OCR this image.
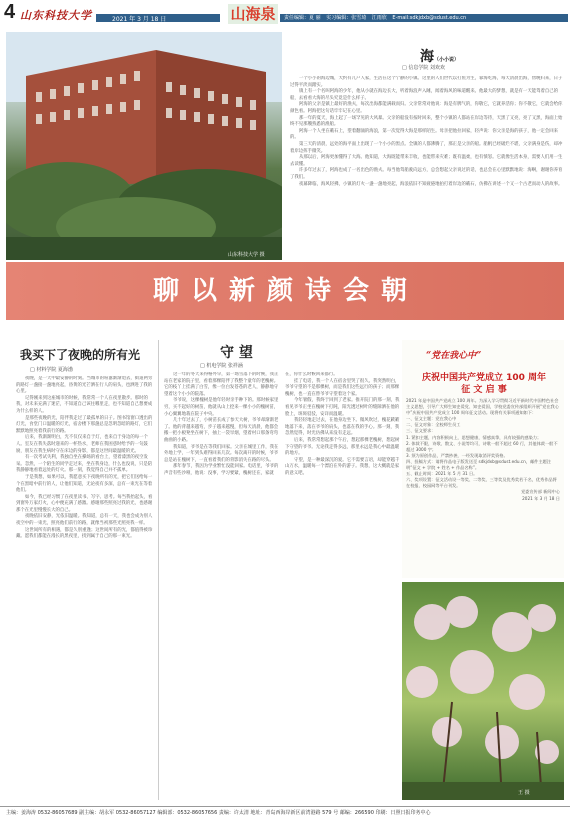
4 山东科技大学	2021 年 3 月 18 日	山海泉	责任编辑：夏 丽 实习编辑：张雪琦 江雨欣 E-mail:sdkjdxb@sdust.edu.cn
山东科技大学 摄
海（小小说）
□ 信息学院 刘欢欢

一个小小的海边城，大约有几户人家，生活在这个宁静的小镇。这里的人们世代以打鱼为生，靠海吃海，每天清晨出海，傍晚归来，日子过得平淡而踏实。

镇上有一个名叫阿海的少年，他从小就在海边长大，听着海浪声入睡，闻着海风的味道醒来。他最大的梦想，就是有一天能驾着自己的船，去看看大海的尽头究竟是什么样子。

阿海的父亲是镇上最好的渔夫，每次出海都能满载而归。父亲常常对他说：海是有脾气的，你敬它，它就养活你；你不敬它，它就会给你颜色看。阿海把这句话牢牢记在心里。

那一年的夏天，海上起了一场罕见的大风暴。父亲的船没有按时回来，整个小镇的人都站在岸边等待，天黑了又亮，亮了又黑，海面上始终不见那艘熟悉的渔船。

阿海一个人坐在礁石上，望着翻涌的海浪，第一次觉得大海是那样陌生。母亲把他拉回家，轻声说：你父亲是海的孩子，他一定会回来的。

第三天的清晨，远处的海平面上出现了一个小小的黑点。全镇的人都沸腾了，那正是父亲的船。船帆已经破烂不堪，父亲满身是伤，却冲着岸边挥手微笑。

从那以后，阿海更加懂得了大海。他知道，大海既能带来丰收，也能带来灾难；既有温柔，也有愤怒。它就像生活本身，需要人们用一生去读懂。

许多年过去了，阿海也成了一名出色的渔夫。每当他驾船驶向远方，总会想起父亲说过的话，也总会在心里默默地说：海啊，谢谢你养育了我们。

夜幕降临，海风轻拂，小镇的灯火一盏一盏地亮起，海浪依旧不知疲倦地拍打着岸边的礁石，仿佛在讲述一个又一个古老而动人的故事。

聊以新颜诗会朝
我买下了夜晚的所有光
□ 材料学院 夏海渤

夜晚，是一天中最安静的时刻。当城市的喧嚣渐渐退去，街道两旁的路灯一盏接一盏地亮起，昏黄的光芒洒在行人的肩头，也洒进了我的心里。

记得刚来到这座城市的时候，我常常一个人在夜里散步。那时的我，对未来充满了迷茫，不知道自己该往哪里走，也不知道自己想要成为什么样的人。

是那些夜晚的光，陪伴我走过了最孤单的日子。图书馆窗口透出的灯光，食堂门口温暖的灯光，宿舍楼下那盏总是忽明忽暗的路灯，它们默默地照亮着我前行的路。

后来，我渐渐明白，光不仅仅来自于灯，也来自于身边的每一个人。室友在我失落时递来的一杯热水，老师在我困惑时给予的一句鼓励，朋友在我生病时守在床边的身影，都是这世间最温暖的光。

有一次考试失利，我独自坐在操场的看台上，望着漆黑的夜空发呆。忽然，一个陌生的同学走过来，坐在我身边，什么也没说，只是陪我静静地看着远处的灯火。那一刻，我觉得自己并不孤单。

于是我想，如果可以，我愿意买下夜晚所有的光，把它们送给每一个在黑暗中前行的人，让他们知道，无论夜有多深，总有一束光在等着他们。

如今，我已经习惯了在夜里读书、写字、思考。每当我抬起头，看到窗外万家灯火，心中便充满了感激。感谢那些照亮过我的光，也感谢那个在光里慢慢长大的自己。

夜晚依旧安静，光依旧温暖。我知道，总有一天，我也会成为别人夜空中的一束光，照亮他们前行的路，就像当初那些光照亮我一样。

这世间所有的相遇，都是久别重逢；这世间所有的光，都值得被珍藏。愿我们都能在漫长的黑夜里，找到属于自己的那一束光。

守 望
□ 机电学院 张祥涵

这一年的冬天来得格外早，第一场雪落下的时候，我正站在老家的院子里，看着那棵陪伴了我整个童年的老槐树。它的枝丫上挂满了白雪，像一位白发苍苍的老人，静静地守望着这个小小的院落。

爷爷说，这棵槐树是他年轻时亲手种下的。那时候家里穷，买不起好的树苗，他就从山上挖来一棵小小的槐树苗，小心翼翼地栽在院子中央。

几十年过去了，小树苗长成了参天大树，爷爷却渐渐老了。他的背越来越弯，步子越来越慢，但每天清晨，他都会搬一把小板凳坐在树下，抽上一袋旱烟，望着村口那条弯弯曲曲的小路。

我知道，爷爷是在等我们回家。父亲在城里工作，我在外地上学，一年到头难得回来几次。每次离开的时候，爷爷总是站在槐树下，一直看着我们的背影消失在路的尽头。

那年春节，我因为学业繁忙没能回家。电话里，爷爷的声音有些沙哑，他说：没事，学习要紧，槐树还在，家就在，你什么时候回来都行。

挂了电话，我一个人在宿舍里哭了很久。我突然明白，爷爷守望的不是那棵树，而是我们这些远行的孩子；而那棵槐树，也一直在替爷爷守望着这个家。

今年暑假，我终于回到了老家。推开院门的那一刻，我看见爷爷正坐在槐树下打盹，阳光透过树叶的缝隙洒在他的脸上，斑斑驳驳，安详而温暖。

我轻轻地走过去，在他身边坐下。微风吹过，槐花簌簌地落下来，落在爷爷的肩头，也落在我的手心。那一刻，我忽然觉得，时光仿佛从来没有走远。

后来，我常常想起那个午后，想起那棵老槐树，想起树下守望的爷爷。无论我走得多远，那里永远是我心中最温暖的地方。

守望，是一种最深沉的爱。它不需要言语，却能穿越千山万水，温暖每一个漂泊在外的游子。我想，这大概就是家的意义吧。

“党在我心中”
庆祝中国共产党成立 100 周年
征 文 启 事

2021 年是中国共产党成立 100 周年。为深入学习贯彻习近平新时代中国特色社会主义思想，引导广大师生知史爱党、知史爱国，学校党委宣传部组织开展“党在我心中”庆祝中国共产党成立 100 周年征文活动。现将有关事项通知如下：

一、征文主题：党在我心中

二、征文对象：全校师生员工

三、征文要求：

1. 紧扣主题，内容积极向上，思想健康，情感真挚，具有较强的感染力；

2. 体裁不限，诗歌、散文、小说等均可，诗歌一般不超过 60 行，其他体裁一般不超过 3000 字；

3. 须为原创作品，严禁抄袭，一经发现取消评奖资格。

四、投稿方式：请将作品电子版发送至 sdkjdxb@sdust.edu.cn，邮件主题注明“征文 + 学院 + 姓名 + 作品名称”。

五、截止时间：2021 年 5 月 31 日。

六、奖项设置：征文活动设一等奖、二等奖、三等奖及优秀奖若干名，优秀作品将在校报、校园网等平台刊发。

党委宣传部 新闻中心

2021 年 3 月 18 日

王 摄
主编：姜海涛 0532-86057689 副主编：胡永军 0532-86057127 编辑部：0532-86057656 责编：许太清 地址：青岛西海岸新区前湾港路 579 号 邮编：266590 印刷：日照日报印务中心
